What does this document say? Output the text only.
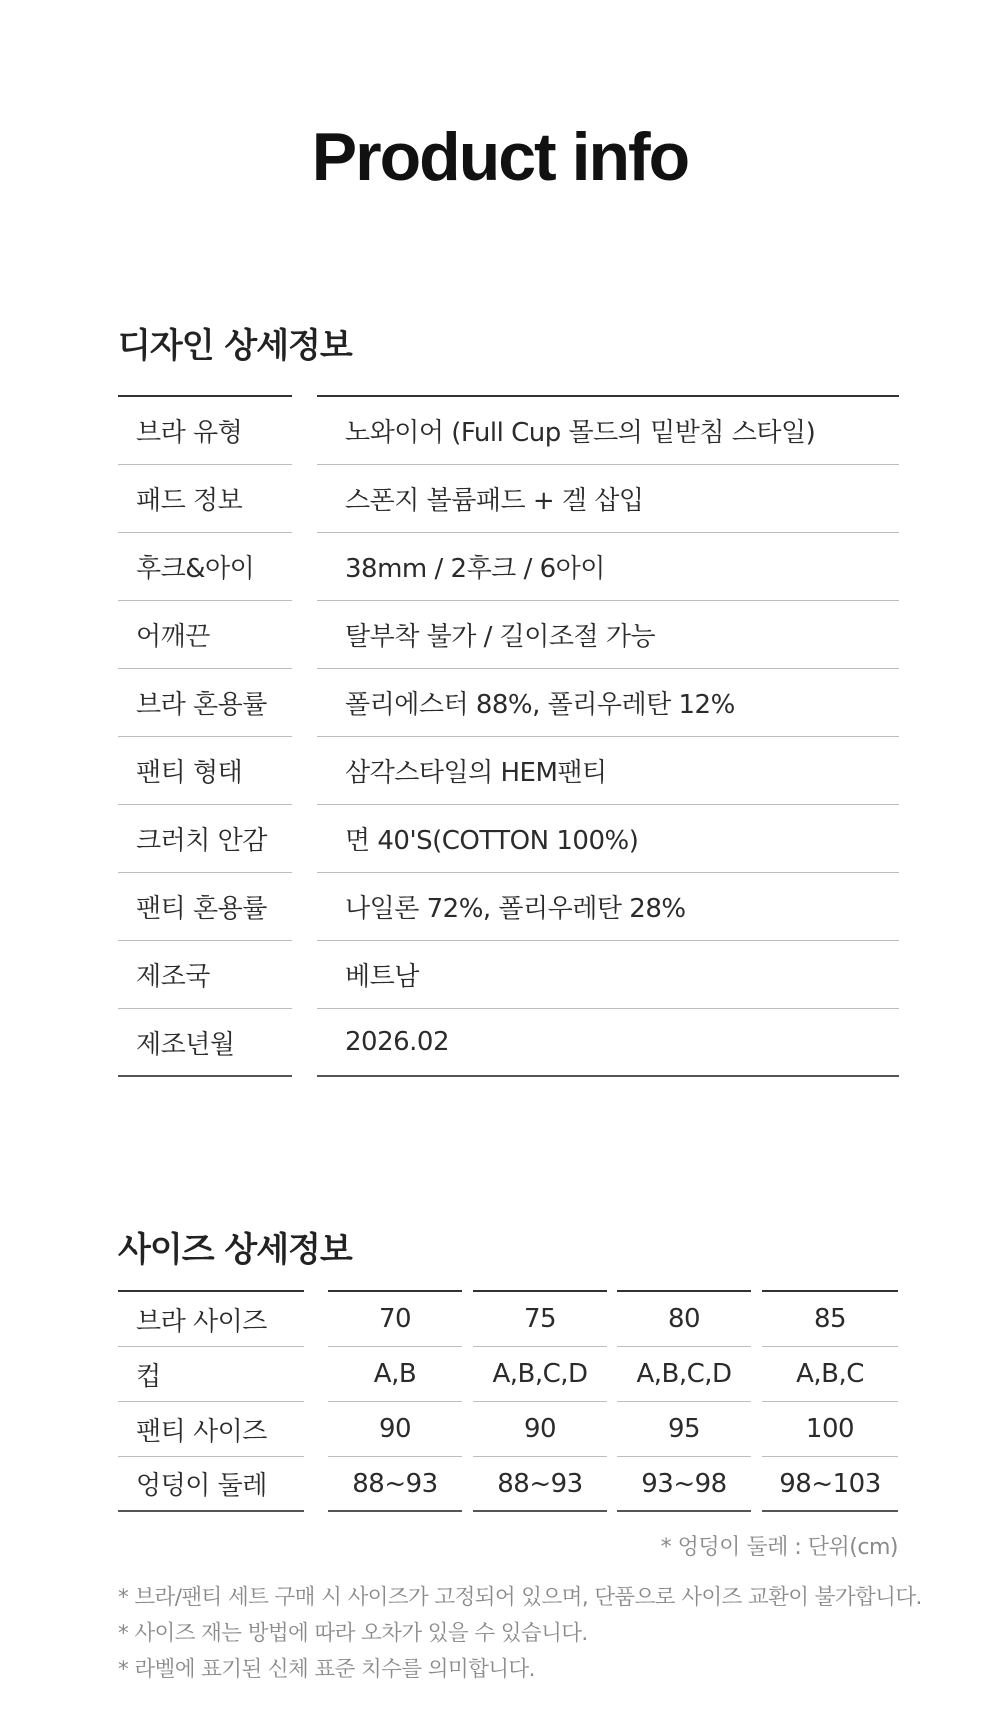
Product info
디자인 상세정보
브라 유형
패드 정보
후크&아이
어깨끈
브라 혼용률
팬티 형태
크러치 안감
팬티 혼용률
제조국
제조년월
노와이어 (Full Cup 몰드의 밑받침 스타일)
스폰지 볼륨패드 + 겔 삽입
38mm / 2후크 / 6아이
탈부착 불가 / 길이조절 가능
폴리에스터 88%, 폴리우레탄 12%
삼각스타일의 HEM팬티
면 40'S(COTTON 100%)
나일론 72%, 폴리우레탄 28%
베트남
2026.02
사이즈 상세정보
브라 사이즈
컵
팬티 사이즈
엉덩이 둘레
70
A,B
90
88~93
75
A,B,C,D
90
88~93
80
A,B,C,D
95
93~98
85
A,B,C
100
98~103
* 엉덩이 둘레 : 단위(cm)
* 브라/팬티 세트 구매 시 사이즈가 고정되어 있으며, 단품으로 사이즈 교환이 불가합니다.
* 사이즈 재는 방법에 따라 오차가 있을 수 있습니다.
* 라벨에 표기된 신체 표준 치수를 의미합니다.
